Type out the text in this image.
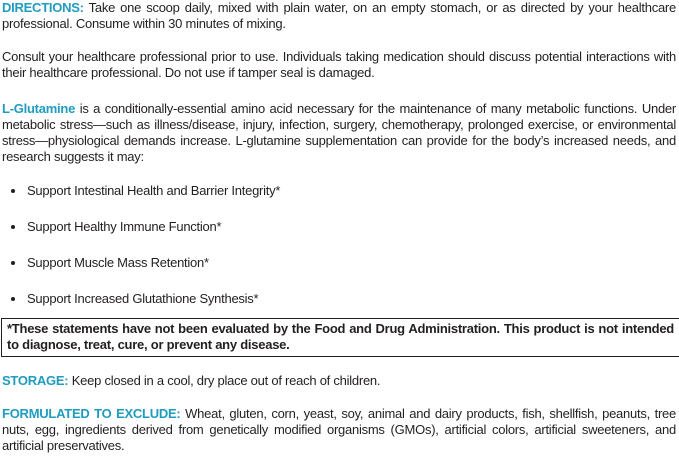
DIRECTIONS: Take one scoop daily, mixed with plain water, on an empty stomach, or as directed by your healthcare professional. Consume within 30 minutes of mixing.

Consult your healthcare professional prior to use. Individuals taking medication should discuss potential interactions with their healthcare professional. Do not use if tamper seal is damaged.

L-Glutamine is a conditionally-essential amino acid necessary for the maintenance of many metabolic functions. Under metabolic stress—such as illness/disease, injury, infection, surgery, chemotherapy, prolonged exercise, or environmental stress—physiological demands increase. L-glutamine supplementation can provide for the body’s increased needs, and research suggests it may:

Support Intestinal Health and Barrier Integrity*
Support Healthy Immune Function*
Support Muscle Mass Retention*
Support Increased Glutathione Synthesis*
*These statements have not been evaluated by the Food and Drug Administration. This product is not intended to diagnose, treat, cure, or prevent any disease.

STORAGE: Keep closed in a cool, dry place out of reach of children.

FORMULATED TO EXCLUDE: Wheat, gluten, corn, yeast, soy, animal and dairy products, fish, shellfish, peanuts, tree nuts, egg, ingredients derived from genetically modified organisms (GMOs), artificial colors, artificial sweeteners, and artificial preservatives.
